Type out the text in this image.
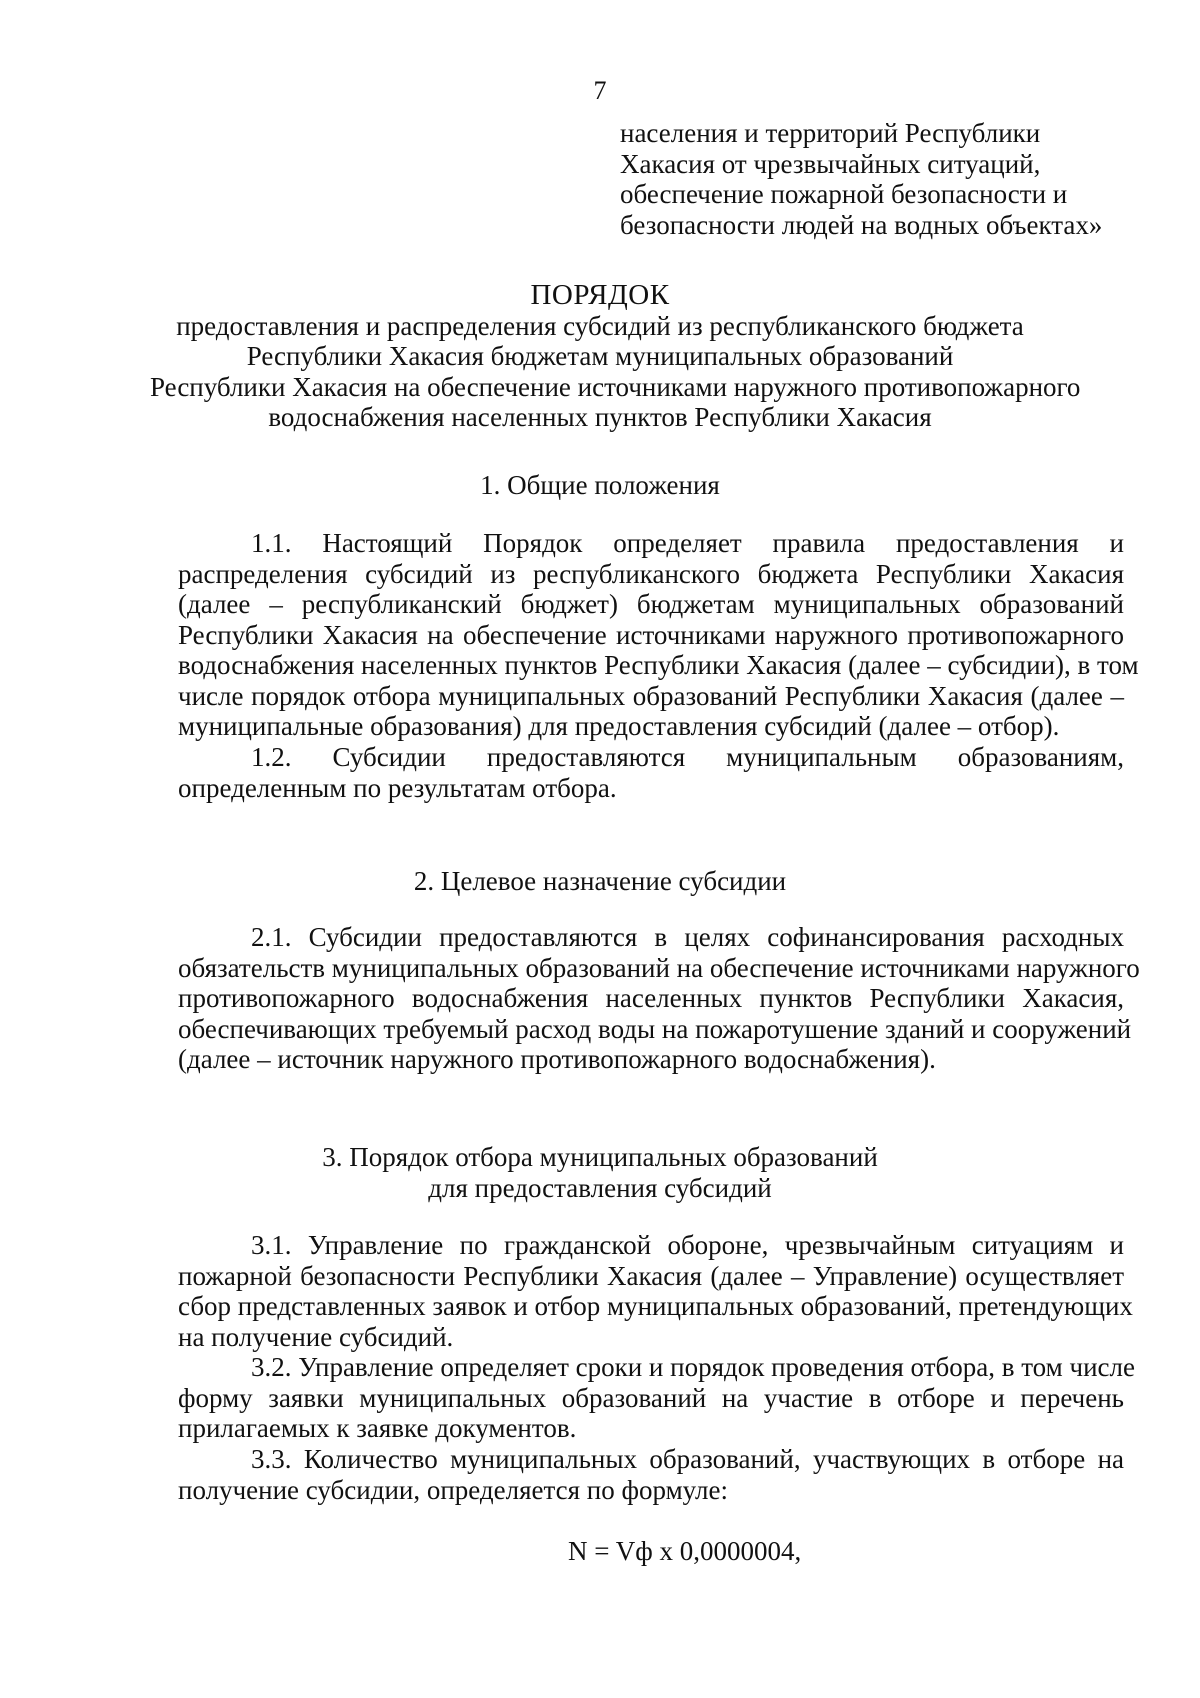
7
населения и территорий Республики
Хакасия от чрезвычайных ситуаций,
обеспечение пожарной безопасности и
безопасности людей на водных объектах»
ПОРЯДОК
предоставления и распределения субсидий из республиканского бюджета
Республики Хакасия бюджетам муниципальных образований
Республики Хакасия на обеспечение источниками наружного противопожарного
водоснабжения населенных пунктов Республики Хакасия
1. Общие положения
1.1. Настоящий Порядок определяет правила предоставления и
распределения субсидий из республиканского бюджета Республики Хакасия
(далее – республиканский бюджет) бюджетам муниципальных образований
Республики Хакасия на обеспечение источниками наружного противопожарного
водоснабжения населенных пунктов Республики Хакасия (далее – субсидии), в том
числе порядок отбора муниципальных образований Республики Хакасия (далее –
муниципальные образования) для предоставления субсидий (далее – отбор).
1.2. Субсидии предоставляются муниципальным образованиям,
определенным по результатам отбора.
2. Целевое назначение субсидии
2.1. Субсидии предоставляются в целях софинансирования расходных
обязательств муниципальных образований на обеспечение источниками наружного
противопожарного водоснабжения населенных пунктов Республики Хакасия,
обеспечивающих требуемый расход воды на пожаротушение зданий и сооружений
(далее – источник наружного противопожарного водоснабжения).
3. Порядок отбора муниципальных образований
для предоставления субсидий
3.1. Управление по гражданской обороне, чрезвычайным ситуациям и
пожарной безопасности Республики Хакасия (далее – Управление) осуществляет
сбор представленных заявок и отбор муниципальных образований, претендующих
на получение субсидий.
3.2. Управление определяет сроки и порядок проведения отбора, в том числе
форму заявки муниципальных образований на участие в отборе и перечень
прилагаемых к заявке документов.
3.3. Количество муниципальных образований, участвующих в отборе на
получение субсидии, определяется по формуле:
N = Vф х 0,0000004,
